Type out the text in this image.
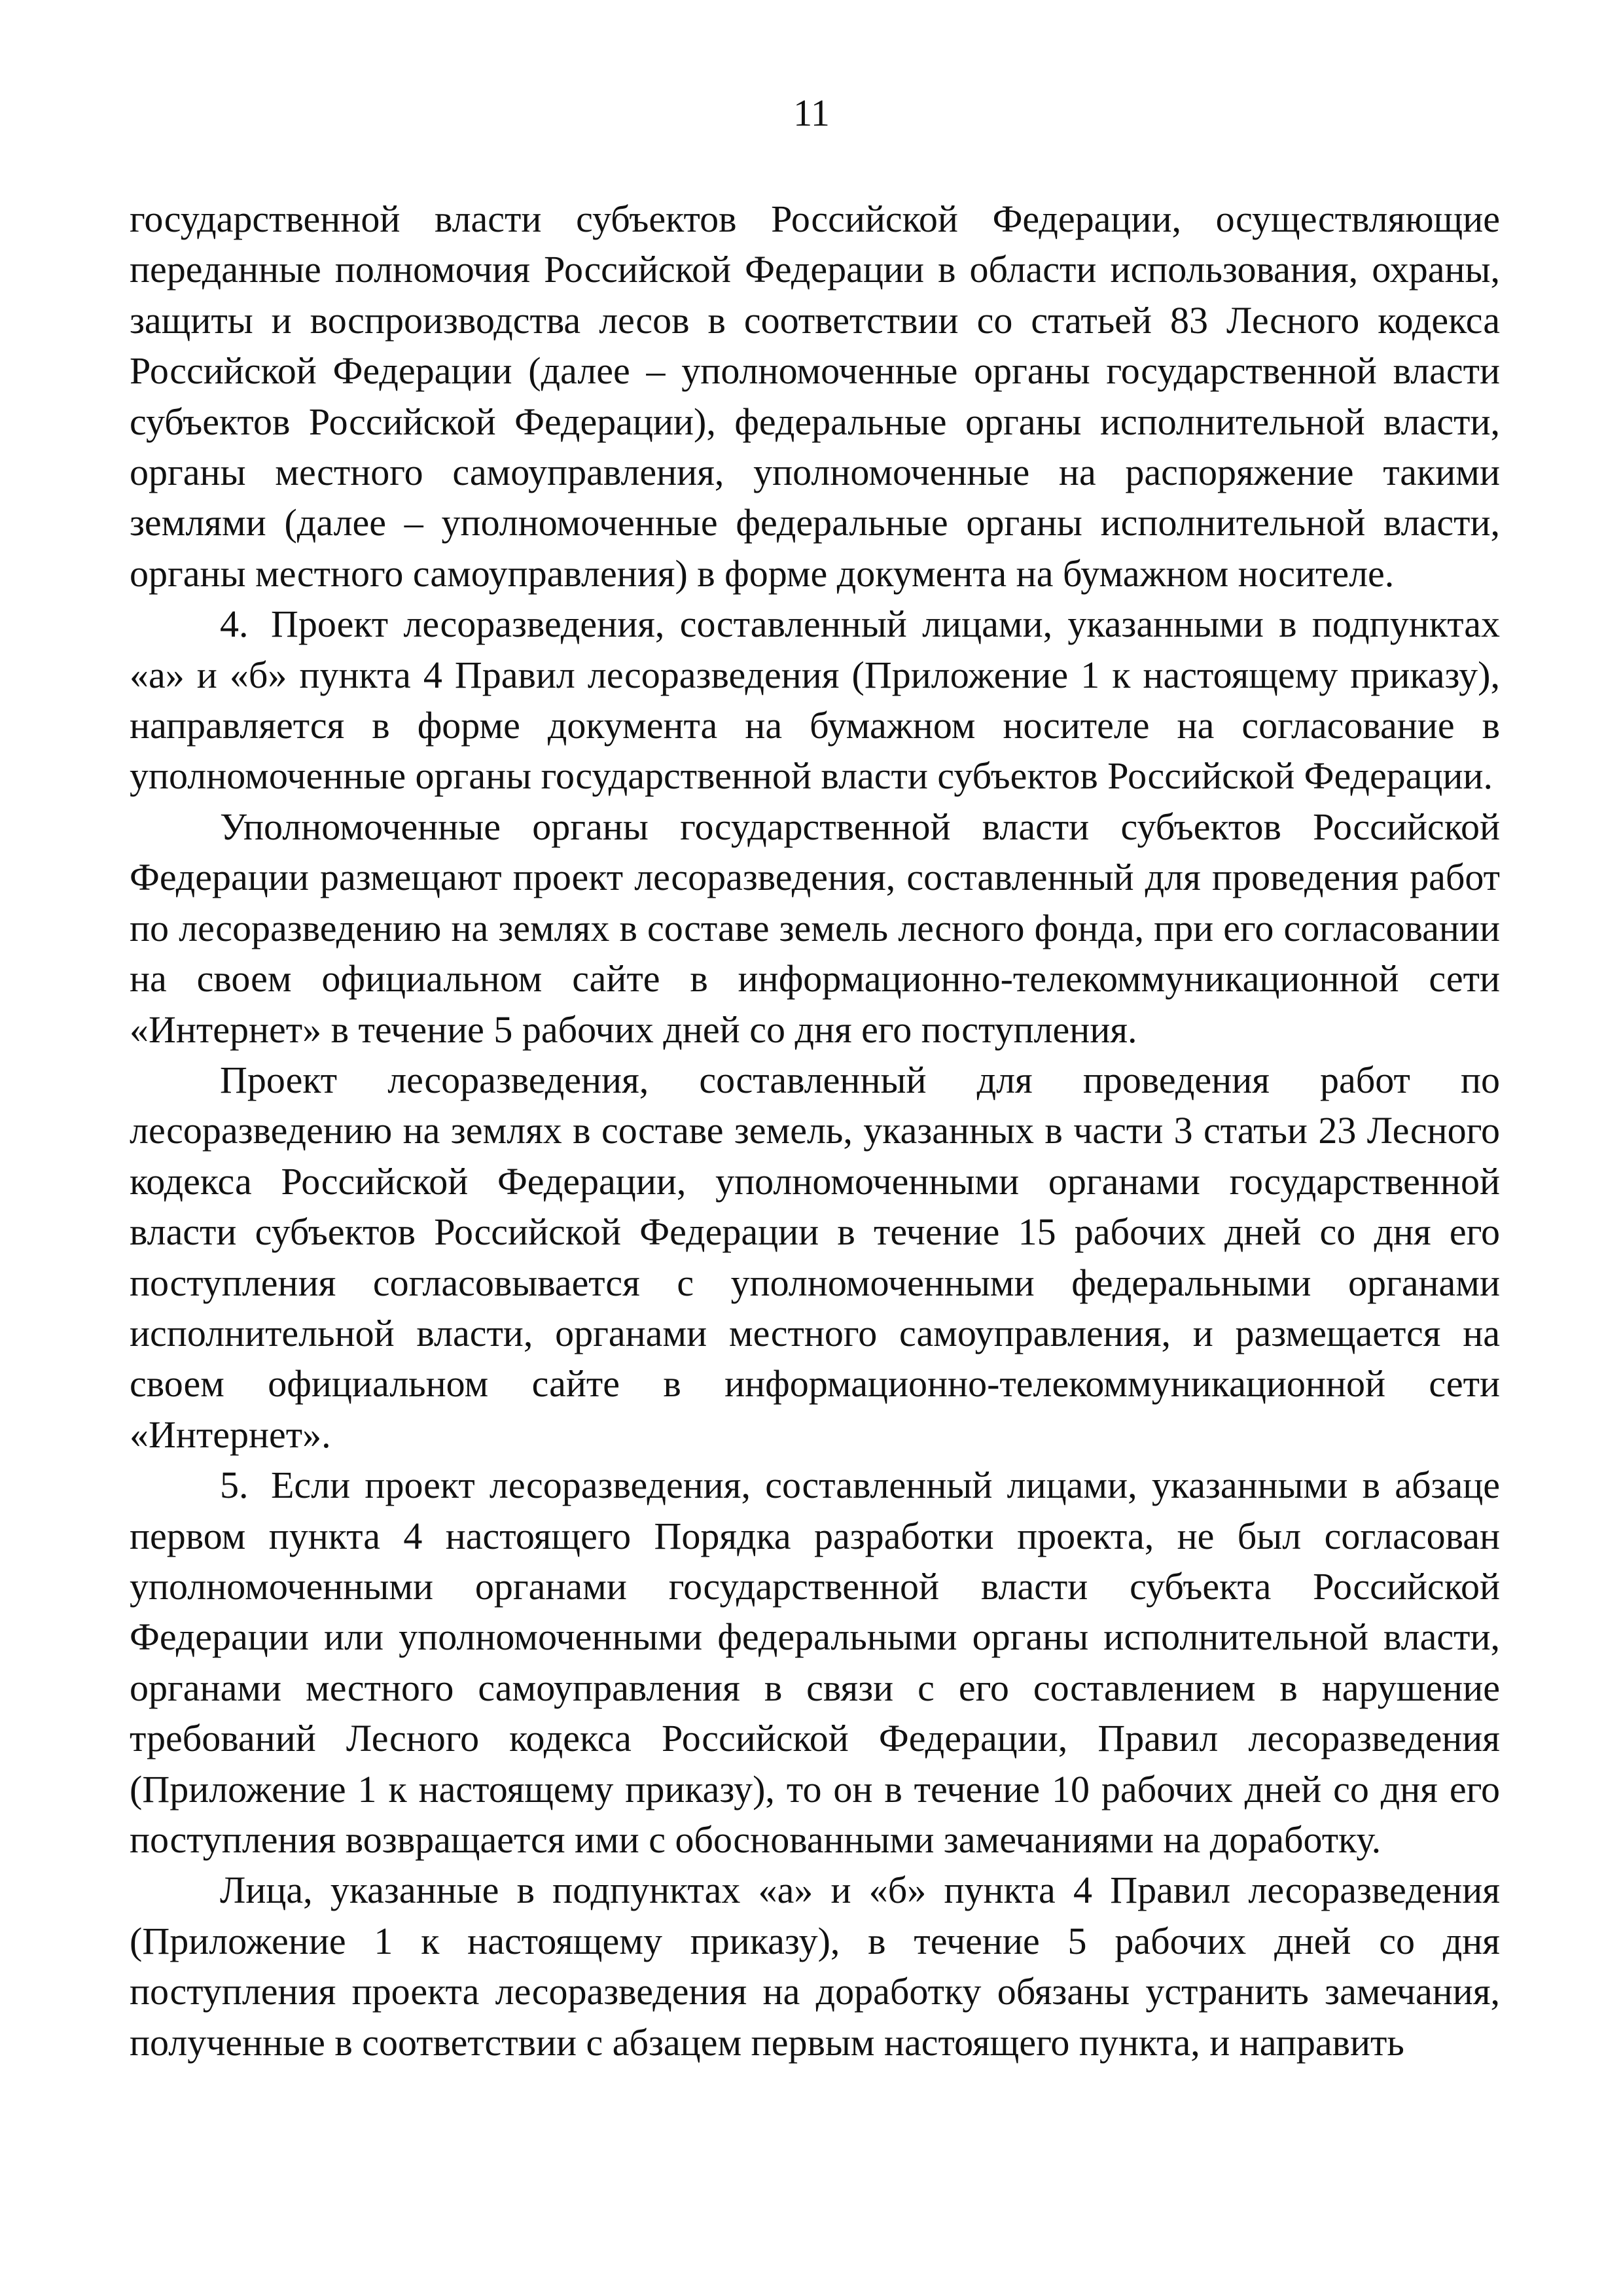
11

государственной власти субъектов Российской Федерации, осуществляющие переданные полномочия Российской Федерации в области использования, охраны, защиты и воспроизводства лесов в соответствии со статьей 83 Лесного кодекса Российской Федерации (далее – уполномоченные органы государственной власти субъектов Российской Федерации), федеральные органы исполнительной власти, органы местного самоуправления, уполномоченные на распоряжение такими землями (далее – уполномоченные федеральные органы исполнительной власти, органы местного самоуправления) в форме документа на бумажном носителе.

4. Проект лесоразведения, составленный лицами, указанными в подпунктах «а» и «б» пункта 4 Правил лесоразведения (Приложение 1 к настоящему приказу), направляется в форме документа на бумажном носителе на согласование в уполномоченные органы государственной власти субъектов Российской Федерации.

Уполномоченные органы государственной власти субъектов Российской Федерации размещают проект лесоразведения, составленный для проведения работ по лесоразведению на землях в составе земель лесного фонда, при его согласовании на своем официальном сайте в информационно-телекоммуникационной сети «Интернет» в течение 5 рабочих дней со дня его поступления.

Проект лесоразведения, составленный для проведения работ по лесоразведению на землях в составе земель, указанных в части 3 статьи 23 Лесного кодекса Российской Федерации, уполномоченными органами государственной власти субъектов Российской Федерации в течение 15 рабочих дней со дня его поступления согласовывается с уполномоченными федеральными органами исполнительной власти, органами местного самоуправления, и размещается на своем официальном сайте в информационно-телекоммуникационной сети «Интернет».

5. Если проект лесоразведения, составленный лицами, указанными в абзаце первом пункта 4 настоящего Порядка разработки проекта, не был согласован уполномоченными органами государственной власти субъекта Российской Федерации или уполномоченными федеральными органы исполнительной власти, органами местного самоуправления в связи с его составлением в нарушение требований Лесного кодекса Российской Федерации, Правил лесоразведения (Приложение 1 к настоящему приказу), то он в течение 10 рабочих дней со дня его поступления возвращается ими с обоснованными замечаниями на доработку.

Лица, указанные в подпунктах «а» и «б» пункта 4 Правил лесоразведения (Приложение 1 к настоящему приказу), в течение 5 рабочих дней со дня поступления проекта лесоразведения на доработку обязаны устранить замечания, полученные в соответствии с абзацем первым настоящего пункта, и направить
